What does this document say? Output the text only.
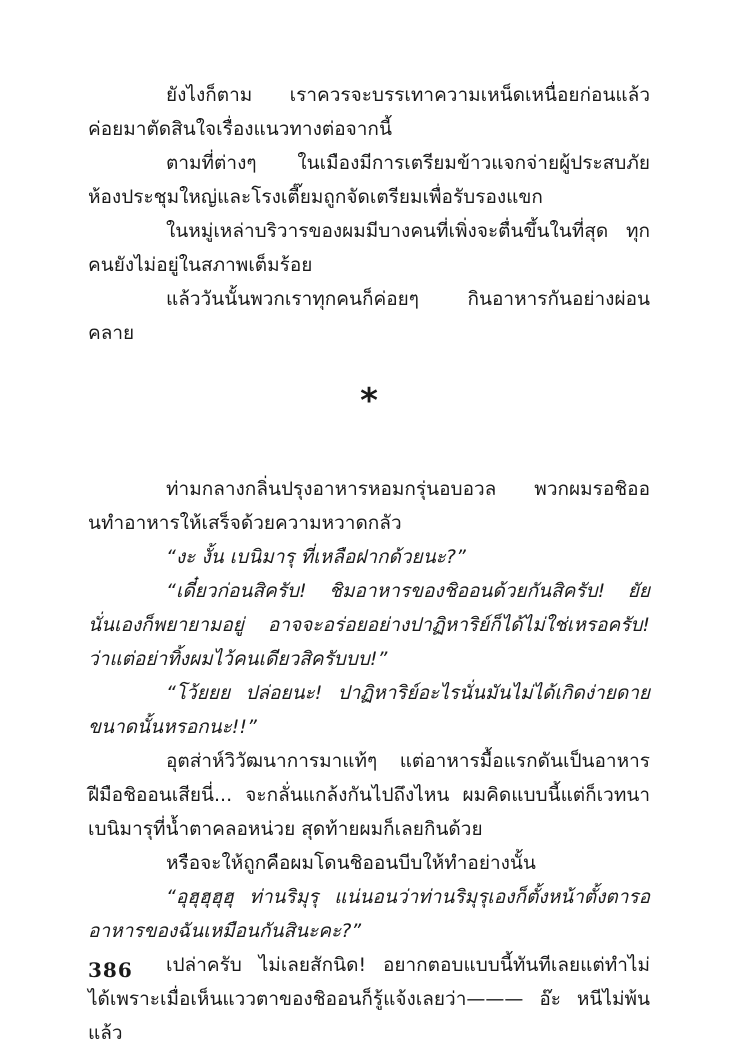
ยังไงก็ตาม เราควรจะบรรเทาความเหน็ดเหนื่อยก่อนแล้วค่อยมาตัดสินใจเรื่องแนวทางต่อจากนี้

ตามที่ต่างๆ ในเมืองมีการเตรียมข้าวแจกจ่ายผู้ประสบภัย ห้องประชุมใหญ่และโรงเตี๊ยมถูกจัดเตรียมเพื่อรับรองแขก

ในหมู่เหล่าบริวารของผมมีบางคนที่เพิ่งจะตื่นขึ้นในที่สุด ทุกคนยังไม่อยู่ในสภาพเต็มร้อย

แล้ววันนั้นพวกเราทุกคนก็ค่อยๆ กินอาหารกันอย่างผ่อนคลาย

*

ท่ามกลางกลิ่นปรุงอาหารหอมกรุ่นอบอวล พวกผมรอชิออนทำอาหารให้เสร็จด้วยความหวาดกลัว

“งะ งั้น เบนิมารุ ที่เหลือฝากด้วยนะ?”

“เดี๋ยวก่อนสิครับ! ชิมอาหารของชิออนด้วยกันสิครับ! ยัยนั่นเองก็พยายามอยู่ อาจจะอร่อยอย่างปาฏิหาริย์ก็ได้ไม่ใช่เหรอครับ! ว่าแต่อย่าทิ้งผมไว้คนเดียวสิครับบบ!”

“โว้ยยย ปล่อยนะ! ปาฏิหาริย์อะไรนั่นมันไม่ได้เกิดง่ายดายขนาดนั้นหรอกนะ!!”

อุตส่าห์วิวัฒนาการมาแท้ๆ แต่อาหารมื้อแรกดันเป็นอาหารฝีมือชิออนเสียนี่... จะกลั่นแกล้งกันไปถึงไหน ผมคิดแบบนี้แต่ก็เวทนาเบนิมารุที่น้ำตาคลอหน่วย สุดท้ายผมก็เลยกินด้วย

หรือจะให้ถูกคือผมโดนชิออนบีบให้ทำอย่างนั้น

“อุฮุฮุฮุฮุ ท่านริมุรุ แน่นอนว่าท่านริมุรุเองก็ตั้งหน้าตั้งตารออาหารของฉันเหมือนกันสินะคะ?”

เปล่าครับ ไม่เลยสักนิด! อยากตอบแบบนี้ทันทีเลยแต่ทำไม่ได้เพราะเมื่อเห็นแววตาของชิออนก็รู้แจ้งเลยว่า——— อ๊ะ หนีไม่พ้นแล้ว

386
